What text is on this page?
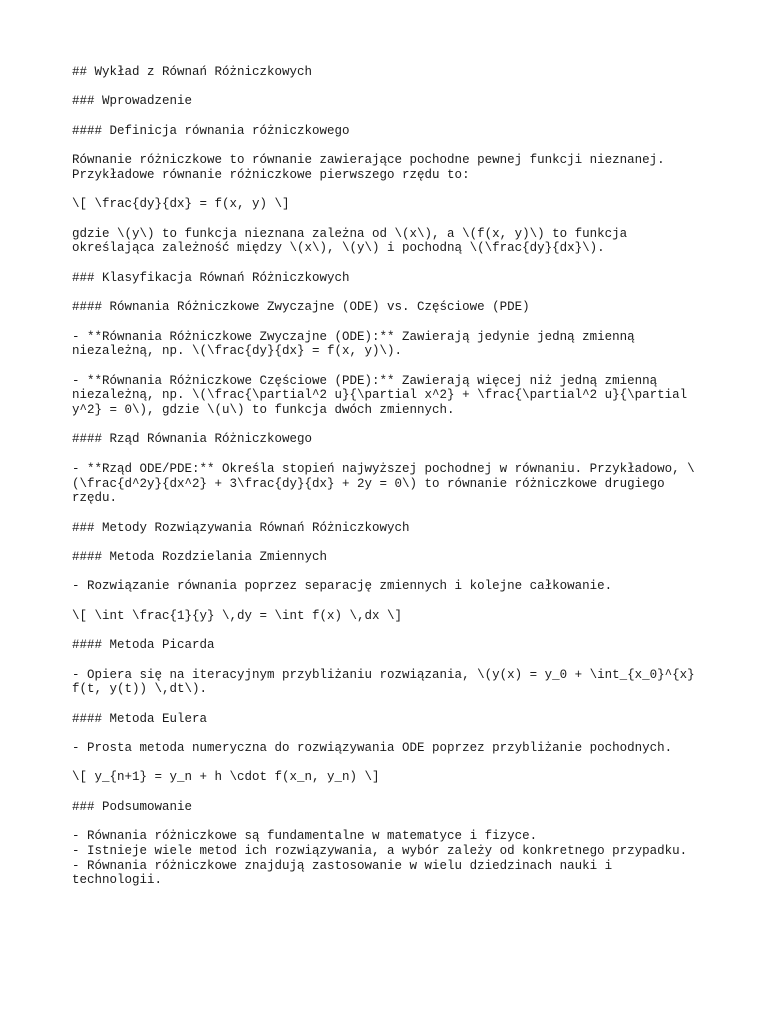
## Wykład z Równań Różniczkowych
### Wprowadzenie
#### Definicja równania różniczkowego
Równanie różniczkowe to równanie zawierające pochodne pewnej funkcji nieznanej.
Przykładowe równanie różniczkowe pierwszego rzędu to:
\[ \frac{dy}{dx} = f(x, y) \]
gdzie \(y\) to funkcja nieznana zależna od \(x\), a \(f(x, y)\) to funkcja
określająca zależność między \(x\), \(y\) i pochodną \(\frac{dy}{dx}\).
### Klasyfikacja Równań Różniczkowych
#### Równania Różniczkowe Zwyczajne (ODE) vs. Częściowe (PDE)
- **Równania Różniczkowe Zwyczajne (ODE):** Zawierają jedynie jedną zmienną
niezależną, np. \(\frac{dy}{dx} = f(x, y)\).
- **Równania Różniczkowe Częściowe (PDE):** Zawierają więcej niż jedną zmienną
niezależną, np. \(\frac{\partial^2 u}{\partial x^2} + \frac{\partial^2 u}{\partial
y^2} = 0\), gdzie \(u\) to funkcja dwóch zmiennych.
#### Rząd Równania Różniczkowego
- **Rząd ODE/PDE:** Określa stopień najwyższej pochodnej w równaniu. Przykładowo, \
(\frac{d^2y}{dx^2} + 3\frac{dy}{dx} + 2y = 0\) to równanie różniczkowe drugiego
rzędu.
### Metody Rozwiązywania Równań Różniczkowych
#### Metoda Rozdzielania Zmiennych
- Rozwiązanie równania poprzez separację zmiennych i kolejne całkowanie.
\[ \int \frac{1}{y} \,dy = \int f(x) \,dx \]
#### Metoda Picarda
- Opiera się na iteracyjnym przybliżaniu rozwiązania, \(y(x) = y_0 + \int_{x_0}^{x}
f(t, y(t)) \,dt\).
#### Metoda Eulera
- Prosta metoda numeryczna do rozwiązywania ODE poprzez przybliżanie pochodnych.
\[ y_{n+1} = y_n + h \cdot f(x_n, y_n) \]
### Podsumowanie
- Równania różniczkowe są fundamentalne w matematyce i fizyce.
- Istnieje wiele metod ich rozwiązywania, a wybór zależy od konkretnego przypadku.
- Równania różniczkowe znajdują zastosowanie w wielu dziedzinach nauki i
technologii.
